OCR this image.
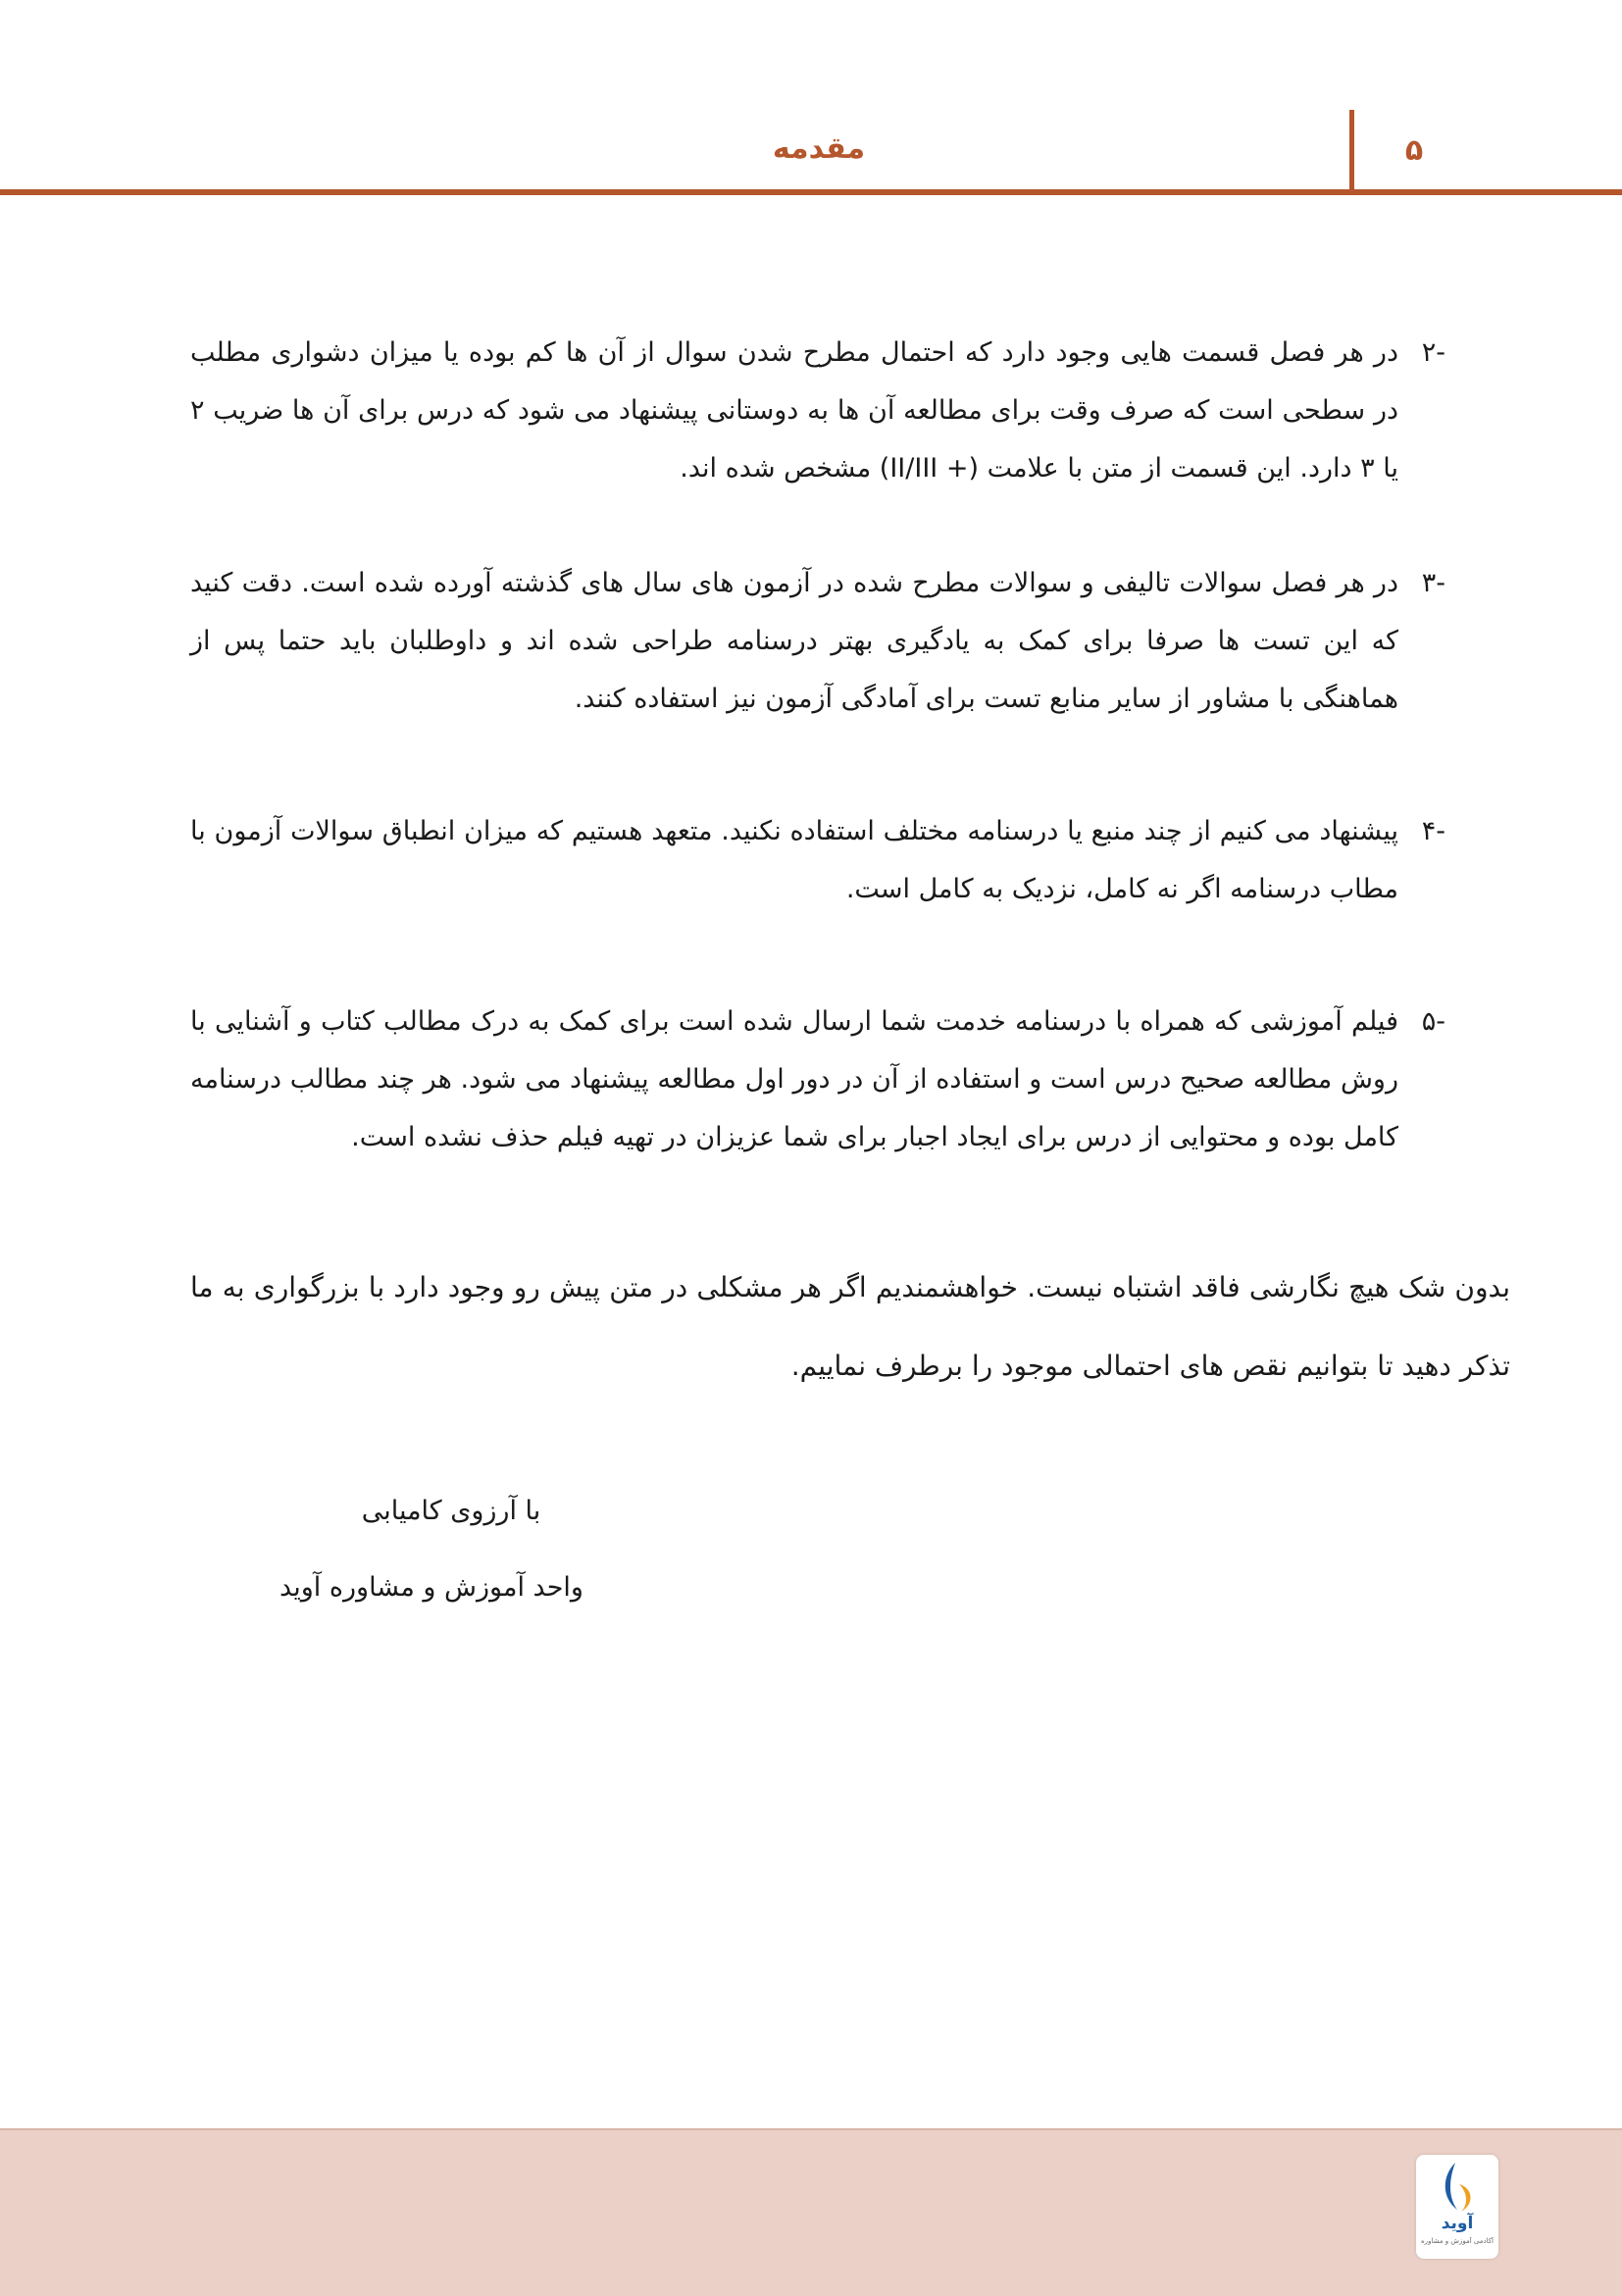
مقدمه	۵
-۲
در هر فصل قسمت هایی وجود دارد که احتمال مطرح شدن سوال از آن ها کم بوده یا میزان دشواری مطلب در سطحی است که صرف وقت برای مطالعه آن ها به دوستانی پیشنهاد می شود که درس برای آن ها ضریب ۲ یا ۳ دارد. این قسمت از متن با علامت (+ II/III) مشخص شده اند.
-۳
در هر فصل سوالات تالیفی و سوالات مطرح شده در آزمون های سال های گذشته آورده شده است. دقت کنید که این تست ها صرفا برای کمک به یادگیری بهتر درسنامه طراحی شده اند و داوطلبان باید حتما پس از هماهنگی با مشاور از سایر منابع تست برای آمادگی آزمون نیز استفاده کنند.
-۴
پیشنهاد می کنیم از چند منبع یا درسنامه مختلف استفاده نکنید. متعهد هستیم که میزان انطباق سوالات آزمون با مطاب درسنامه اگر نه کامل، نزدیک به کامل است.
-۵
فیلم آموزشی که همراه با درسنامه خدمت شما ارسال شده است برای کمک به درک مطالب کتاب و آشنایی با روش مطالعه صحیح درس است و استفاده از آن در دور اول مطالعه پیشنهاد می شود. هر چند مطالب درسنامه کامل بوده و محتوایی از درس برای ایجاد اجبار برای شما عزیزان در تهیه فیلم حذف نشده است.
بدون شک هیچ نگارشی فاقد اشتباه نیست. خواهشمندیم اگر هر مشکلی در متن پیش رو وجود دارد با بزرگواری به ما تذکر دهید تا بتوانیم نقص های احتمالی موجود را برطرف نماییم.
با آرزوی کامیابی
واحد آموزش و مشاوره آوید
آوید
آکادمی آموزش و مشاوره
